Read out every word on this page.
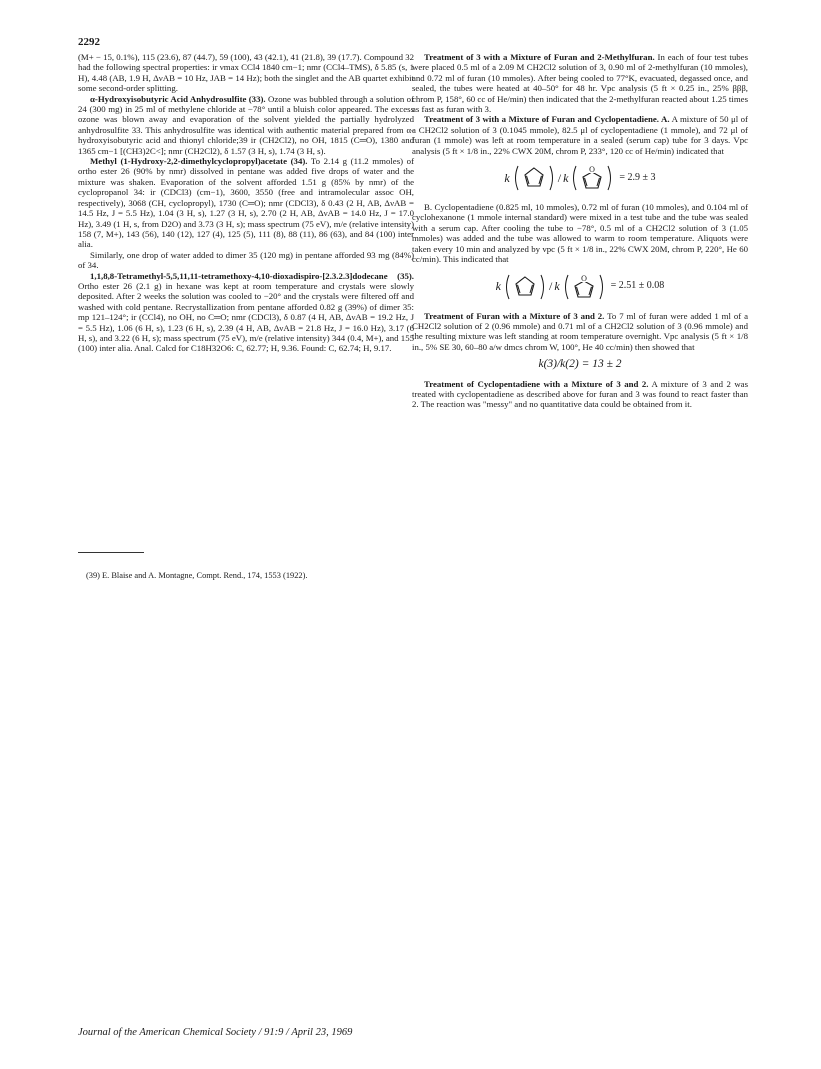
2292

(M+ − 15, 0.1%), 115 (23.6), 87 (44.7), 59 (100), 43 (42.1), 41 (21.8), 39 (17.7). Compound 32 had the following spectral properties: ir νmax CCl4 1840 cm−1; nmr (CCl4–TMS), δ 5.85 (s, 1 H), 4.48 (AB, 1.9 H, ΔνAB = 10 Hz, JAB = 14 Hz); both the singlet and the AB quartet exhibit some second-order splitting.

α-Hydroxyisobutyric Acid Anhydrosulfite (33). Ozone was bubbled through a solution of 24 (300 mg) in 25 ml of methylene chloride at −78° until a bluish color appeared. The excess ozone was blown away and evaporation of the solvent yielded the partially hydrolyzed anhydrosulfite 33. This anhydrosulfite was identical with authentic material prepared from α-hydroxyisobutyric acid and thionyl chloride;39 ir (CH2Cl2), no OH, 1815 (C═O), 1380 and 1365 cm−1 [(CH3)2C<]; nmr (CH2Cl2), δ 1.57 (3 H, s), 1.74 (3 H, s).

Methyl (1-Hydroxy-2,2-dimethylcyclopropyl)acetate (34). To 2.14 g (11.2 mmoles) of ortho ester 26 (90% by nmr) dissolved in pentane was added five drops of water and the mixture was shaken. Evaporation of the solvent afforded 1.51 g (85% by nmr) of the cyclopropanol 34: ir (CDCl3) (cm−1), 3600, 3550 (free and intramolecular assoc OH, respectively), 3068 (CH, cyclopropyl), 1730 (C═O); nmr (CDCl3), δ 0.43 (2 H, AB, ΔνAB = 14.5 Hz, J = 5.5 Hz), 1.04 (3 H, s), 1.27 (3 H, s), 2.70 (2 H, AB, ΔνAB = 14.0 Hz, J = 17.0 Hz), 3.49 (1 H, s, from D2O) and 3.73 (3 H, s); mass spectrum (75 eV), m/e (relative intensity) 158 (7, M+), 143 (56), 140 (12), 127 (4), 125 (5), 111 (8), 88 (11), 86 (63), and 84 (100) inter alia.

Similarly, one drop of water added to dimer 35 (120 mg) in pentane afforded 93 mg (84%) of 34.

1,1,8,8-Tetramethyl-5,5,11,11-tetramethoxy-4,10-dioxadispiro-[2.3.2.3]dodecane (35). Ortho ester 26 (2.1 g) in hexane was kept at room temperature and crystals were slowly deposited. After 2 weeks the solution was cooled to −20° and the crystals were filtered off and washed with cold pentane. Recrystallization from pentane afforded 0.82 g (39%) of dimer 35: mp 121–124°; ir (CCl4), no OH, no C═O; nmr (CDCl3), δ 0.87 (4 H, AB, ΔνAB = 19.2 Hz, J = 5.5 Hz), 1.06 (6 H, s), 1.23 (6 H, s), 2.39 (4 H, AB, ΔνAB = 21.8 Hz, J = 16.0 Hz), 3.17 (6 H, s), and 3.22 (6 H, s); mass spectrum (75 eV), m/e (relative intensity) 344 (0.4, M+), and 155 (100) inter alia. Anal. Calcd for C18H32O6: C, 62.77; H, 9.36. Found: C, 62.74; H, 9.17.

(39) E. Blaise and A. Montagne, Compt. Rend., 174, 1553 (1922).

Treatment of 3 with a Mixture of Furan and 2-Methylfuran. In each of four test tubes were placed 0.5 ml of a 2.09 M CH2Cl2 solution of 3, 0.90 ml of 2-methylfuran (10 mmoles), and 0.72 ml of furan (10 mmoles). After being cooled to 77°K, evacuated, degassed once, and sealed, the tubes were heated at 40–50° for 48 hr. Vpc analysis (5 ft × 0.25 in., 25% βββ, chrom P, 158°, 60 cc of He/min) then indicated that the 2-methylfuran reacted about 1.25 times as fast as furan with 3.

Treatment of 3 with a Mixture of Furan and Cyclopentadiene. A. A mixture of 50 μl of a CH2Cl2 solution of 3 (0.1045 mmole), 82.5 μl of cyclopentadiene (1 mmole), and 72 μl of furan (1 mmole) was left at room temperature in a sealed (serum cap) tube for 3 days. Vpc analysis (5 ft × 1/8 in., 22% CWX 20M, chrom P, 233°, 120 cc of He/min) indicated that

k	/ k
O
= 2.9 ± 3

B. Cyclopentadiene (0.825 ml, 10 mmoles), 0.72 ml of furan (10 mmoles), and 0.104 ml of cyclohexanone (1 mmole internal standard) were mixed in a test tube and the tube was sealed with a serum cap. After cooling the tube to −78°, 0.5 ml of a CH2Cl2 solution of 3 (1.05 mmoles) was added and the tube was allowed to warm to room temperature. Aliquots were taken every 10 min and analyzed by vpc (5 ft × 1/8 in., 22% CWX 20M, chrom P, 220°, He 60 cc/min). This indicated that

k	/ k
O
= 2.51 ± 0.08

Treatment of Furan with a Mixture of 3 and 2. To 7 ml of furan were added 1 ml of a CH2Cl2 solution of 2 (0.96 mmole) and 0.71 ml of a CH2Cl2 solution of 3 (0.96 mmole) and the resulting mixture was left standing at room temperature overnight. Vpc analysis (5 ft × 1/8 in., 5% SE 30, 60–80 a/w dmcs chrom W, 100°, He 40 cc/min) then showed that

k(3)/k(2) = 13 ± 2

Treatment of Cyclopentadiene with a Mixture of 3 and 2. A mixture of 3 and 2 was treated with cyclopentadiene as described above for furan and 3 was found to react faster than 2. The reaction was "messy" and no quantitative data could be obtained from it.

Journal of the American Chemical Society / 91:9 / April 23, 1969
